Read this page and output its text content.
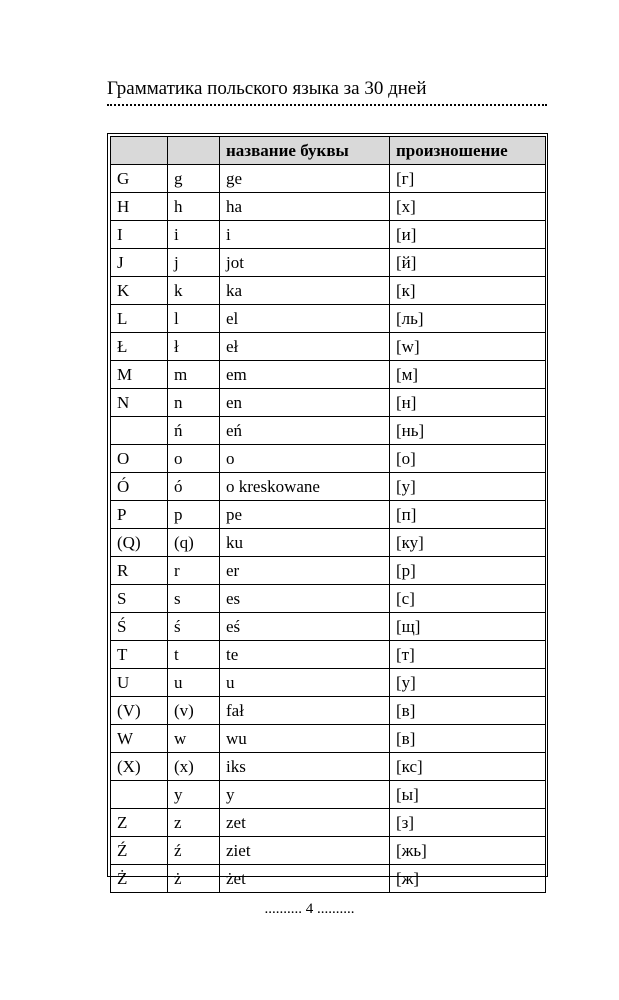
Грамматика польского языка за 30 дней
		название буквы	произношение
G	g	ge	[г]
H	h	ha	[х]
I	i	i	[и]
J	j	jot	[й]
K	k	ka	[к]
L	l	el	[ль]
Ł	ł	eł	[w]
M	m	em	[м]
N	n	en	[н]
	ń	eń	[нь]
O	o	o	[о]
Ó	ó	o kreskowane	[у]
P	p	pe	[п]
(Q)	(q)	ku	[ку]
R	r	er	[р]
S	s	es	[с]
Ś	ś	eś	[щ]
T	t	te	[т]
U	u	u	[у]
(V)	(v)	fał	[в]
W	w	wu	[в]
(X)	(x)	iks	[кс]
	y	y	[ы]
Z	z	zet	[з]
Ź	ź	ziet	[жь]
Ż	ż	żet	[ж]
.......... 4 ..........
